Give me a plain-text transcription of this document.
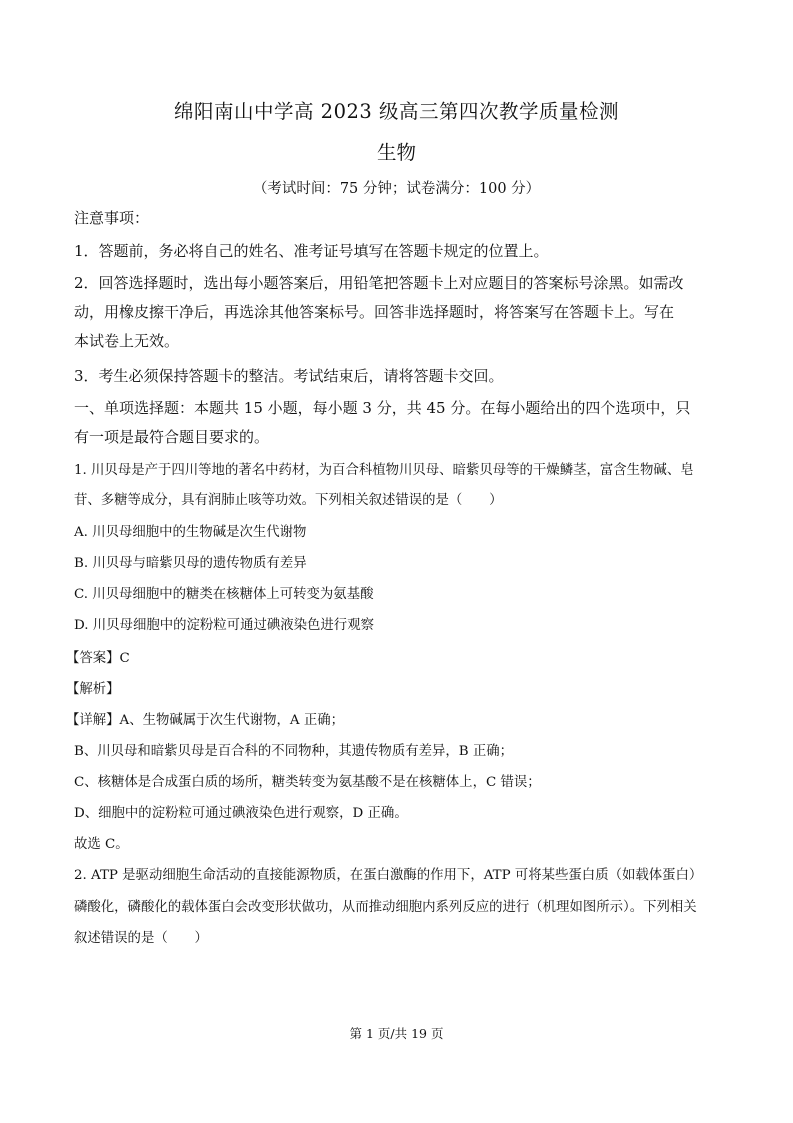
绵阳南山中学高 2023 级高三第四次教学质量检测
生物
（考试时间：75 分钟；试卷满分：100 分）
注意事项：
1．答题前，务必将自己的姓名、准考证号填写在答题卡规定的位置上。
2．回答选择题时，选出每小题答案后，用铅笔把答题卡上对应题目的答案标号涂黑。如需改
动，用橡皮擦干净后，再选涂其他答案标号。回答非选择题时，将答案写在答题卡上。写在
本试卷上无效。
3．考生必须保持答题卡的整洁。考试结束后，请将答题卡交回。
一、单项选择题：本题共 15 小题，每小题 3 分，共 45 分。在每小题给出的四个选项中，只
有一项是最符合题目要求的。
1. 川贝母是产于四川等地的著名中药材，为百合科植物川贝母、暗紫贝母等的干燥鳞茎，富含生物碱、皂
苷、多糖等成分，具有润肺止咳等功效。下列相关叙述错误的是（　　）
A. 川贝母细胞中的生物碱是次生代谢物
B. 川贝母与暗紫贝母的遗传物质有差异
C. 川贝母细胞中的糖类在核糖体上可转变为氨基酸
D. 川贝母细胞中的淀粉粒可通过碘液染色进行观察
【答案】C
【解析】
【详解】A、生物碱属于次生代谢物，A 正确；
B、川贝母和暗紫贝母是百合科的不同物种，其遗传物质有差异，B 正确；
C、核糖体是合成蛋白质的场所，糖类转变为氨基酸不是在核糖体上，C 错误；
D、细胞中的淀粉粒可通过碘液染色进行观察，D 正确。
故选 C。
2. ATP 是驱动细胞生命活动的直接能源物质，在蛋白激酶的作用下，ATP 可将某些蛋白质（如载体蛋白）
磷酸化，磷酸化的载体蛋白会改变形状做功，从而推动细胞内系列反应的进行（机理如图所示）。下列相关
叙述错误的是（　　）
第 1 页/共 19 页
